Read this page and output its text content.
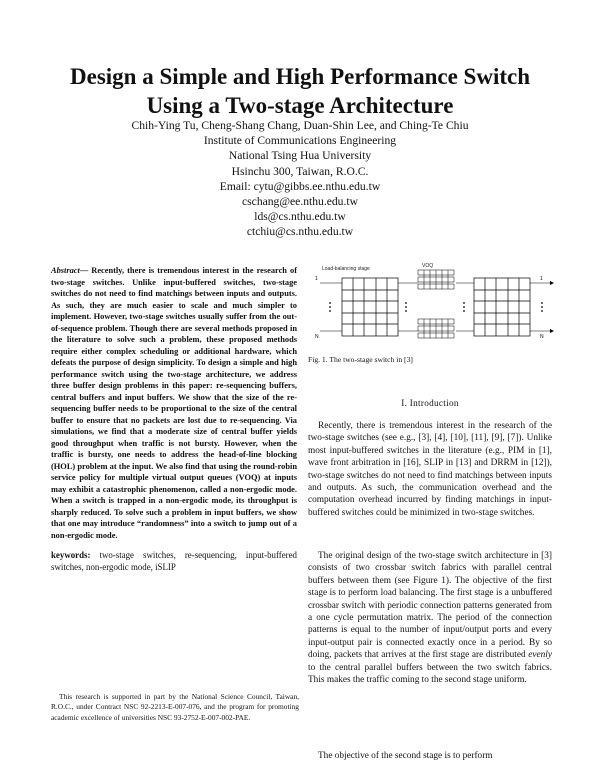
Design a Simple and High Performance Switch
Using a Two-stage Architecture
Chih-Ying Tu, Cheng-Shang Chang, Duan-Shin Lee, and Ching-Te Chiu
Institute of Communications Engineering
National Tsing Hua University
Hsinchu 300, Taiwan, R.O.C.
Email: cytu@gibbs.ee.nthu.edu.tw
cschang@ee.nthu.edu.tw
lds@cs.nthu.edu.tw
ctchiu@cs.nthu.edu.tw
Abstract— Recently, there is tremendous interest in the research of two-stage switches. Unlike input-buffered switches, two-stage switches do not need to find matchings between inputs and outputs. As such, they are much easier to scale and much simpler to implement. However, two-stage switches usually suffer from the out-of-sequence problem. Though there are several methods proposed in the literature to solve such a problem, these proposed methods require either complex scheduling or additional hardware, which defeats the purpose of design simplicity. To design a simple and high performance switch using the two-stage architecture, we address three buffer design problems in this paper: re-sequencing buffers, central buffers and input buffers. We show that the size of the re-sequencing buffer needs to be proportional to the size of the central buffer to ensure that no packets are lost due to re-sequencing. Via simulations, we find that a moderate size of central buffer yields good throughput when traffic is not bursty. However, when the traffic is bursty, one needs to address the head-of-line blocking (HOL) problem at the input. We also find that using the round-robin service policy for multiple virtual output queues (VOQ) at inputs may exhibit a catastrophic phenomenon, called a non-ergodic mode. When a switch is trapped in a non-ergodic mode, its throughput is sharply reduced. To solve such a problem in input buffers, we show that one may introduce “randomness” into a switch to jump out of a non-ergodic mode.
keywords: two-stage switches, re-sequencing, input-buffered switches, non-ergodic mode, iSLIP
This research is supported in part by the National Science Council, Taiwan, R.O.C., under Contract NSC 92-2213-E-007-076, and the program for promoting academic excellence of universities NSC 93-2752-E-007-002-PAE.
Load-balancing stage	VOQ
1
N
1
N
Fig. 1. The two-stage switch in [3]
I. Introduction
Recently, there is tremendous interest in the research of the two-stage switches (see e.g., [3], [4], [10], [11], [9], [7]). Unlike most input-buffered switches in the literature (e.g., PIM in [1], wave front arbitration in [16], SLIP in [13] and DRRM in [12]), two-stage switches do not need to find matchings between inputs and outputs. As such, the communication overhead and the computation overhead incurred by finding matchings in input-buffered switches could be minimized in two-stage switches.
The original design of the two-stage switch architecture in [3] consists of two crossbar switch fabrics with parallel central buffers between them (see Figure 1). The objective of the first stage is to perform load balancing. The first stage is a unbuffered crossbar switch with periodic connection patterns generated from a one cycle permutation matrix. The period of the connection patterns is equal to the number of input/output ports and every input-output pair is connected exactly once in a period. By so doing, packets that arrives at the first stage are distributed evenly to the central parallel buffers between the two switch fabrics. This makes the traffic coming to the second stage uniform.
The objective of the second stage is to perform
